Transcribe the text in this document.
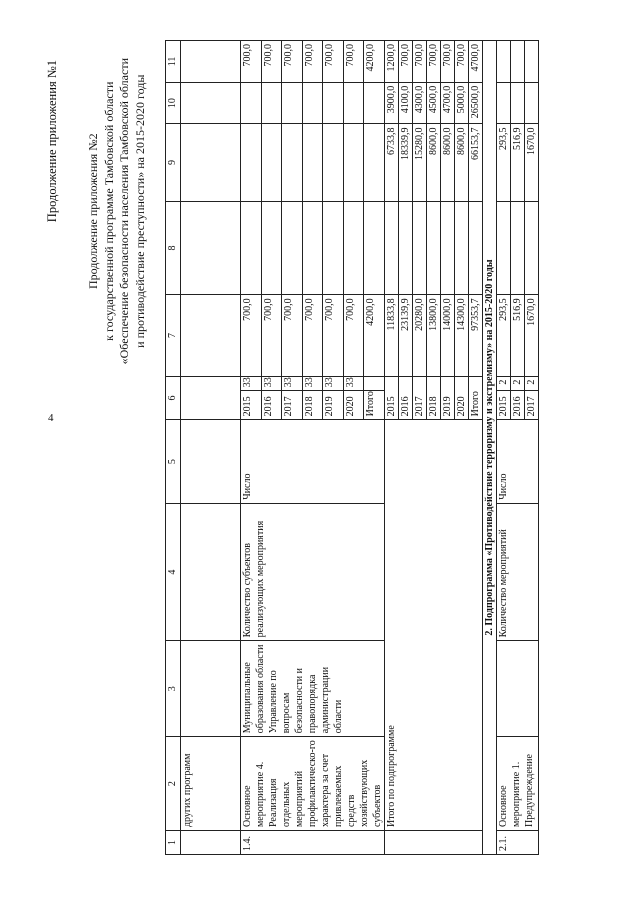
4
Продолжение приложения №1 Продолжение приложения №2 к государственной программе Тамбовской области «Обеспечение безопасности населения Тамбовской области и противодействие преступности» на 2015-2020 годы
1	2	3	4	5	6		7	8	9	10	11
	других программ										
1.4.	Основное мероприятие 4. Реализация отдельных мероприятий профилактическо-го характера за счет привлекаемых средств хозяйствующих субъектов	Муниципальные образования области Управление по вопросам безопасности и правопорядка администрации области	Количество субъектов реализующих мероприятия	Число	2015	33	700,0				700,0
					2016	33	700,0				700,0
					2017	33	700,0				700,0
					2018	33	700,0				700,0
					2019	33	700,0				700,0
					2020	33	700,0				700,0
					Итого		4200,0				4200,0
	Итого по подпрограмме				2015		11833,8		6733,8	3900,0	1200,0
					2016		23139,9		18339,9	4100,0	700,0
					2017		20280,0		15280,0	4300,0	700,0
					2018		13800,0		8600,0	4500,0	700,0
					2019		14000,0		8600,0	4700,0	700,0
					2020		14300,0		8600,0	5000,0	700,0
					Итого		97353,7		66153,7	26500,0	4700,0
2. Подпрограмма «Противодействие терроризму и экстремизму» на 2015-2020 годы											
2.1.	Основное мероприятие 1. Предупреждение		Количество мероприятий	Число	2015	2	293,5		293,5		
					2016	2	516,9		516,9		
					2017	2	1670,0		1670,0		
